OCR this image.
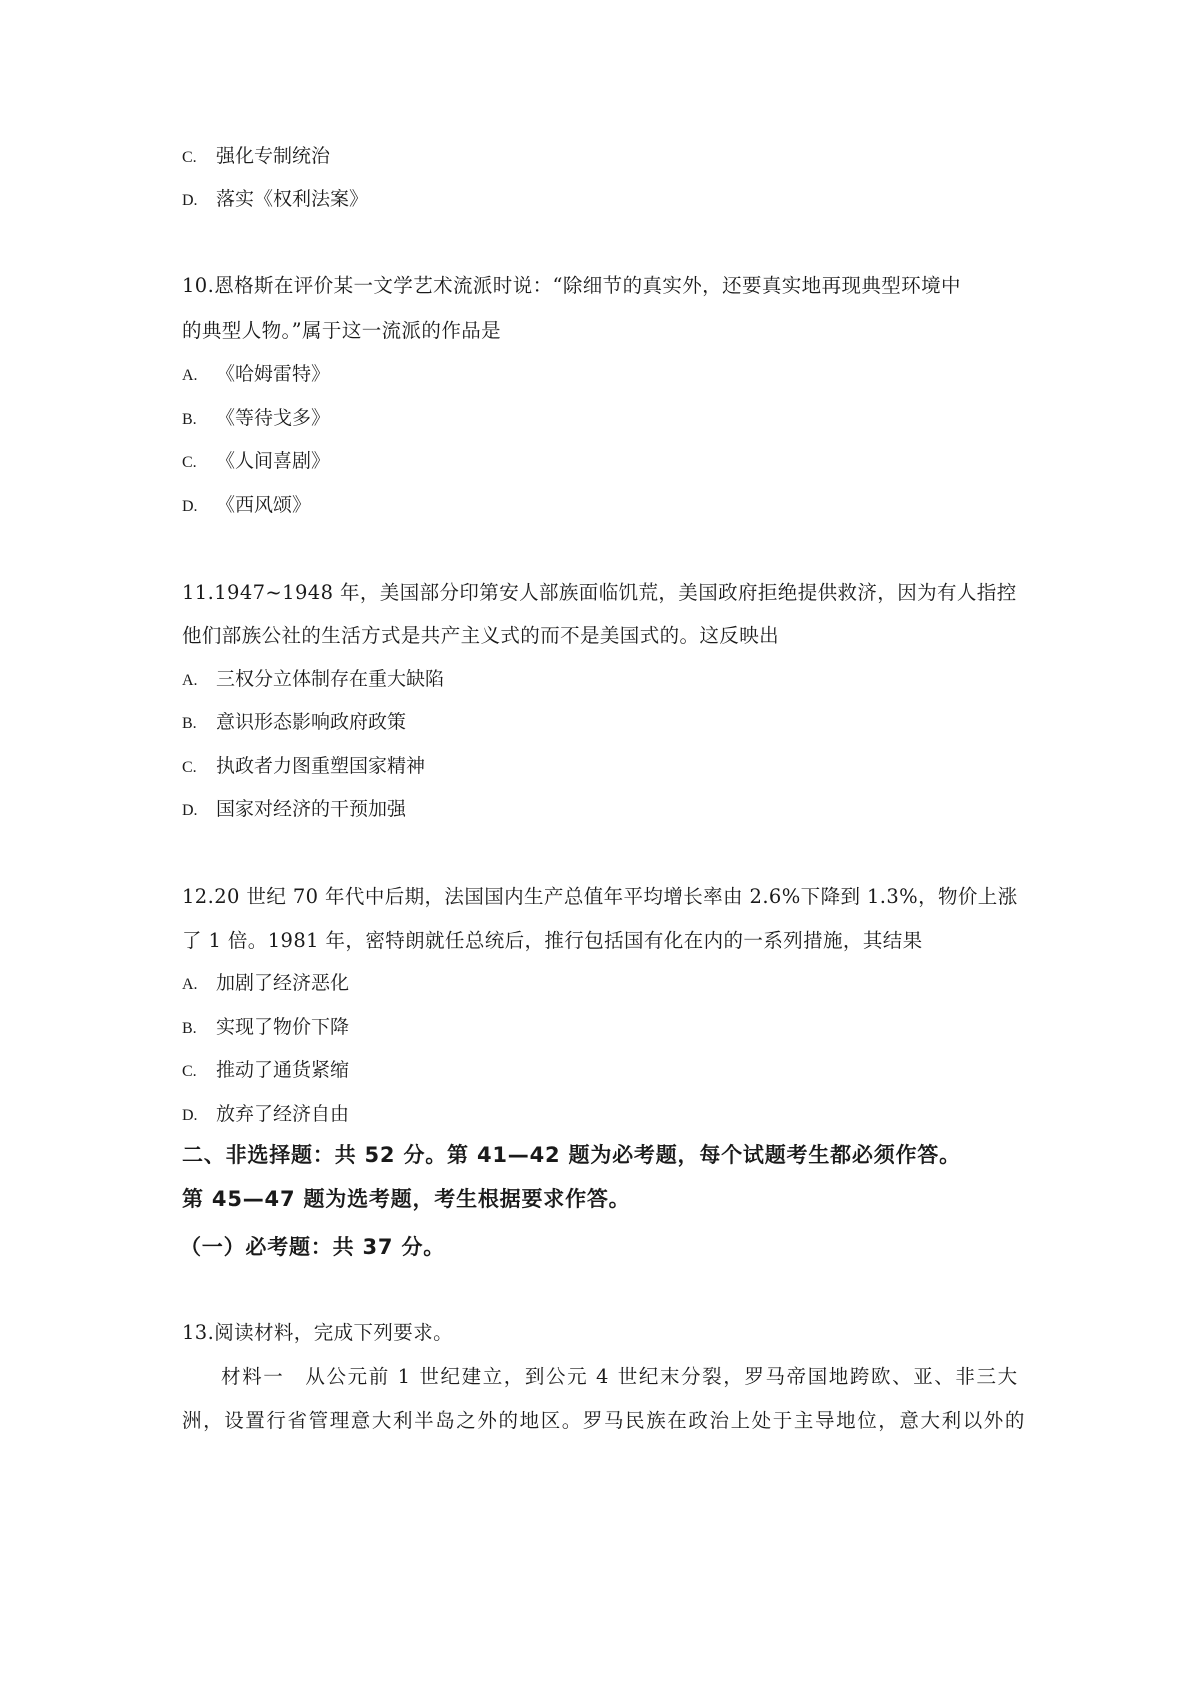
C. 强化专制统治
D. 落实《权利法案》
10.恩格斯在评价某一文学艺术流派时说：“除细节的真实外，还要真实地再现典型环境中
的典型人物。”属于这一流派的作品是
A. 《哈姆雷特》
B. 《等待戈多》
C. 《人间喜剧》
D. 《西风颂》
11.1947~1948 年，美国部分印第安人部族面临饥荒，美国政府拒绝提供救济，因为有人指控
他们部族公社的生活方式是共产主义式的而不是美国式的。这反映出
A. 三权分立体制存在重大缺陷
B. 意识形态影响政府政策
C. 执政者力图重塑国家精神
D. 国家对经济的干预加强
12.20 世纪 70 年代中后期，法国国内生产总值年平均增长率由 2.6%下降到 1.3%，物价上涨
了 1 倍。1981 年，密特朗就任总统后，推行包括国有化在内的一系列措施，其结果
A. 加剧了经济恶化
B. 实现了物价下降
C. 推动了通货紧缩
D. 放弃了经济自由
二、非选择题：共 52 分。第 41—42 题为必考题，每个试题考生都必须作答。
第 45—47 题为选考题，考生根据要求作答。
（一）必考题：共 37 分。
13.阅读材料，完成下列要求。
材料一　从公元前 1 世纪建立，到公元 4 世纪末分裂，罗马帝国地跨欧、亚、非三大
洲，设置行省管理意大利半岛之外的地区。罗马民族在政治上处于主导地位，意大利以外的
